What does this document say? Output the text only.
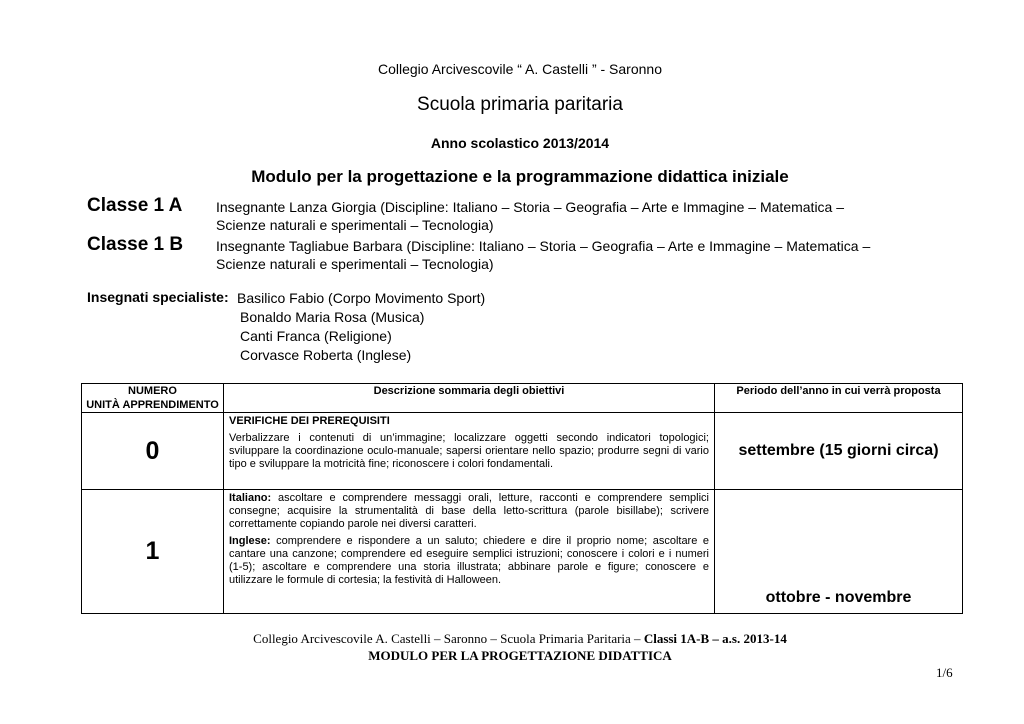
Collegio Arcivescovile “ A. Castelli ” - Saronno
Scuola primaria paritaria
Anno scolastico 2013/2014
Modulo per la progettazione e la programmazione didattica iniziale
Classe 1 A Insegnante Lanza Giorgia (Discipline: Italiano – Storia – Geografia – Arte e Immagine – Matematica –
Scienze naturali e sperimentali – Tecnologia)
Classe 1 B Insegnante Tagliabue Barbara (Discipline: Italiano – Storia – Geografia – Arte e Immagine – Matematica –
Scienze naturali e sperimentali – Tecnologia)
Insegnati specialiste: Basilico Fabio (Corpo Movimento Sport)
Bonaldo Maria Rosa (Musica)
Canti Franca (Religione)
Corvasce Roberta (Inglese)
NUMERO
UNITÀ APPRENDIMENTO	Descrizione sommaria degli obiettivi	Periodo dell’anno in cui verrà proposta
0	VERIFICHE DEI PREREQUISITI

Verbalizzare i contenuti di un’immagine; localizzare oggetti secondo indicatori topologici; sviluppare la coordinazione oculo-manuale; sapersi orientare nello spazio; produrre segni di vario tipo e sviluppare la motricità fine; riconoscere i colori fondamentali.	settembre (15 giorni circa)
1	Italiano: ascoltare e comprendere messaggi orali, letture, racconti e comprendere semplici consegne; acquisire la strumentalità di base della letto-scrittura (parole bisillabe); scrivere correttamente copiando parole nei diversi caratteri.

Inglese: comprendere e rispondere a un saluto; chiedere e dire il proprio nome; ascoltare e cantare una canzone; comprendere ed eseguire semplici istruzioni; conoscere i colori e i numeri (1-5); ascoltare e comprendere una storia illustrata; abbinare parole e figure; conoscere e utilizzare le formule di cortesia; la festività di Halloween.	ottobre - novembre
Collegio Arcivescovile A. Castelli – Saronno – Scuola Primaria Paritaria – Classi 1A-B – a.s. 2013-14
MODULO PER LA PROGETTAZIONE DIDATTICA
1/6
